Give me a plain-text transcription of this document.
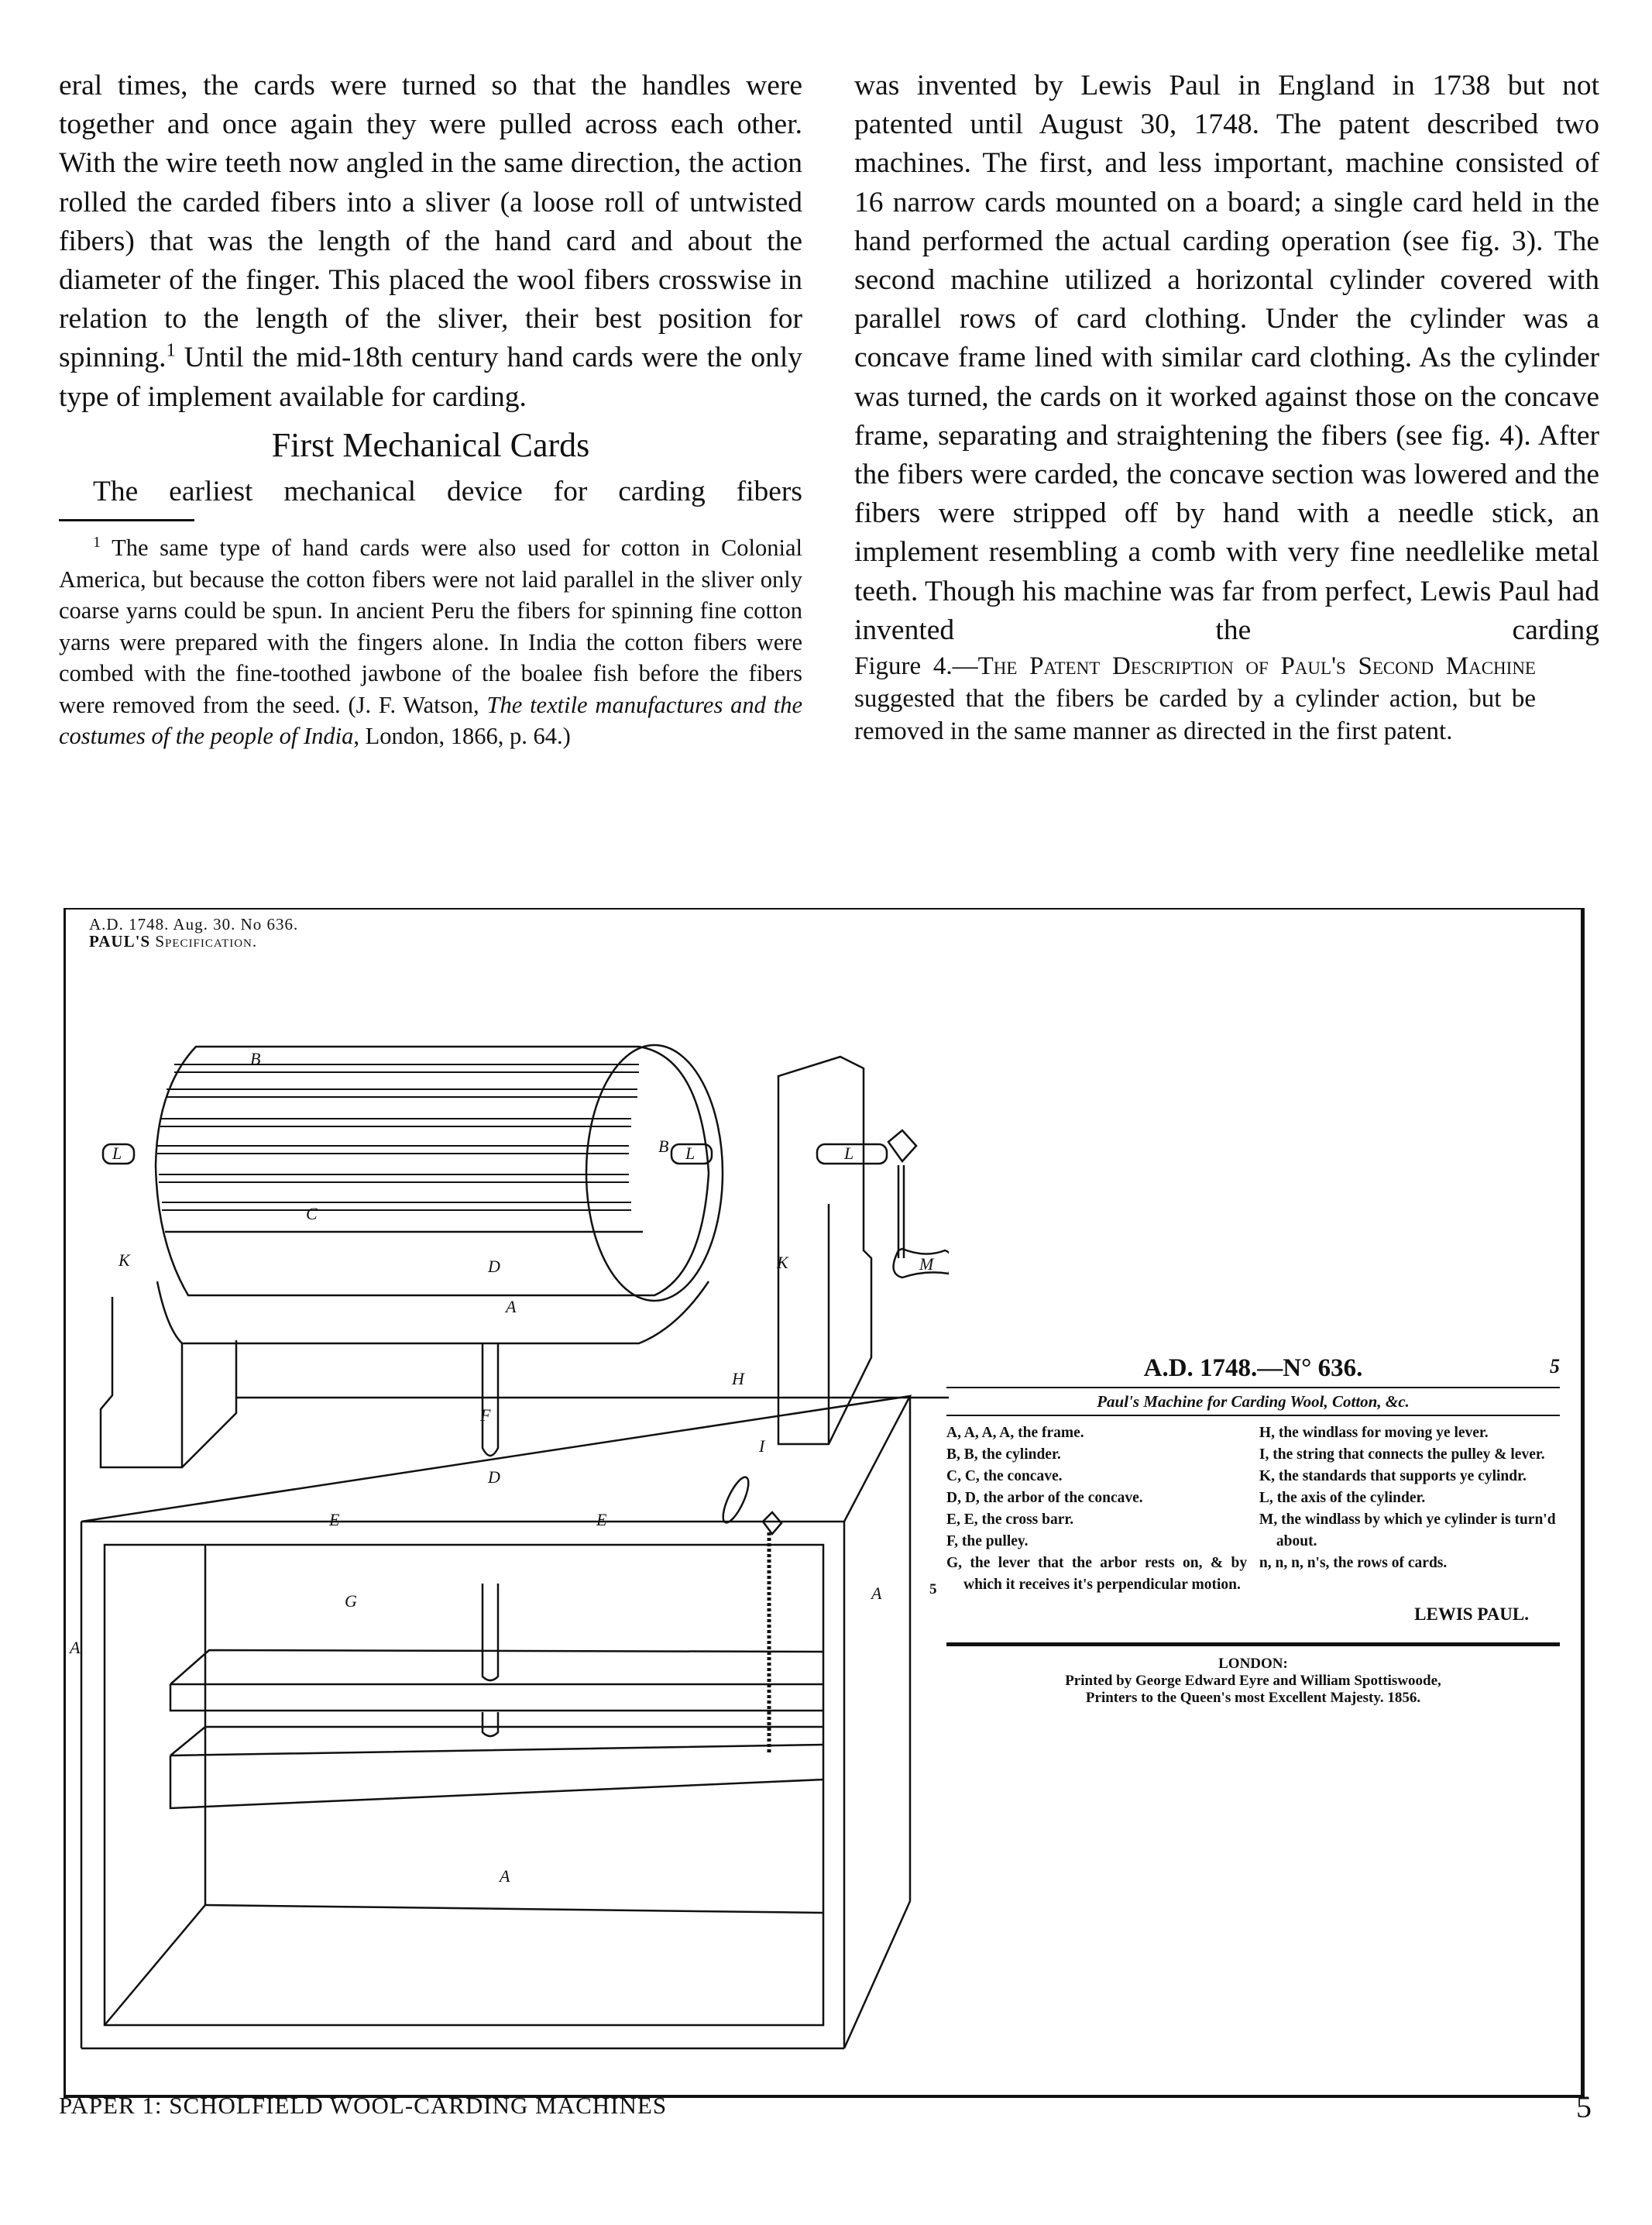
eral times, the cards were turned so that the handles were together and once again they were pulled across each other. With the wire teeth now angled in the same direction, the action rolled the carded fibers into a sliver (a loose roll of untwisted fibers) that was the length of the hand card and about the diameter of the finger. This placed the wool fibers crosswise in relation to the length of the sliver, their best position for spinning.$^1$ Until the mid-18th century hand cards were the only type of implement available for carding.

First Mechanical Cards

The earliest mechanical device for carding fibers

$^1$ The same type of hand cards were also used for cotton in Colonial America, but because the cotton fibers were not laid parallel in the sliver only coarse yarns could be spun. In ancient Peru the fibers for spinning fine cotton yarns were prepared with the fingers alone. In India the cotton fibers were combed with the fine-toothed jawbone of the boalee fish before the fibers were removed from the seed. (J. F. Watson, The textile manufactures and the costumes of the people of India, London, 1866, p. 64.)

was invented by Lewis Paul in England in 1738 but not patented until August 30, 1748. The patent described two machines. The first, and less important, machine consisted of 16 narrow cards mounted on a board; a single card held in the hand performed the actual carding operation (see fig. 3). The second machine utilized a horizontal cylinder covered with parallel rows of card clothing. Under the cylinder was a concave frame lined with similar card clothing. As the cylinder was turned, the cards on it worked against those on the concave frame, separating and straightening the fibers (see fig. 4). After the fibers were carded, the concave section was lowered and the fibers were stripped off by hand with a needle stick, an implement resembling a comb with very fine needlelike metal teeth. Though his machine was far from perfect, Lewis Paul had invented the carding

Figure 4.—The Patent Description of Paul's Second Machine suggested that the fibers be carded by a cylinder action, but be removed in the same manner as directed in the first patent.

A.D. 1748. Aug. 30. No 636.
PAUL'S Specification.
B
B
L	L	L
M
C
K	K
D
A
H
F
D
I
E	E
G	A
A
A
A.D. 1748.—N° 636.	5
Paul's Machine for Carding Wool, Cotton, &c.
5
A, A, A, A, the frame.
B, B, the cylinder.
C, C, the concave.
D, D, the arbor of the concave.
E, E, the cross barr.
F, the pulley.
G, the lever that the arbor rests on, & by which it receives it's perpendicular motion.
H, the windlass for moving ye lever.
I, the string that connects the pulley & lever.
K, the standards that supports ye cylindr.
L, the axis of the cylinder.
M, the windlass by which ye cylinder is turn'd about.
n, n, n, n's, the rows of cards.
LEWIS PAUL.
LONDON:
Printed by George Edward Eyre and William Spottiswoode,
Printers to the Queen's most Excellent Majesty. 1856.
PAPER 1: SCHOLFIELD WOOL-CARDING MACHINES	5
